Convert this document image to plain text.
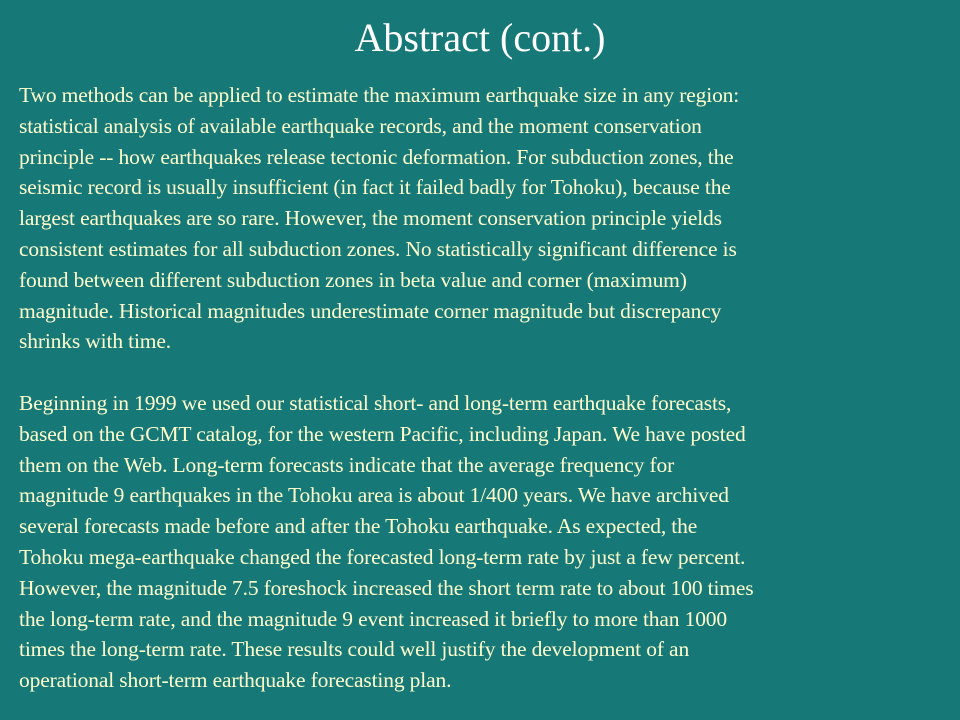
Abstract (cont.)

Two methods can be applied to estimate the maximum earthquake size in any region:
statistical analysis of available earthquake records, and the moment conservation
principle -- how earthquakes release tectonic deformation. For subduction zones, the
seismic record is usually insufficient (in fact it failed badly for Tohoku), because the
largest earthquakes are so rare. However, the moment conservation principle yields
consistent estimates for all subduction zones. No statistically significant difference is
found between different subduction zones in beta value and corner (maximum)
magnitude. Historical magnitudes underestimate corner magnitude but discrepancy
shrinks with time.

Beginning in 1999 we used our statistical short- and long-term earthquake forecasts,
based on the GCMT catalog, for the western Pacific, including Japan. We have posted
them on the Web. Long-term forecasts indicate that the average frequency for
magnitude 9 earthquakes in the Tohoku area is about 1/400 years. We have archived
several forecasts made before and after the Tohoku earthquake. As expected, the
Tohoku mega-earthquake changed the forecasted long-term rate by just a few percent.
However, the magnitude 7.5 foreshock increased the short term rate to about 100 times
the long-term rate, and the magnitude 9 event increased it briefly to more than 1000
times the long-term rate. These results could well justify the development of an
operational short-term earthquake forecasting plan.
